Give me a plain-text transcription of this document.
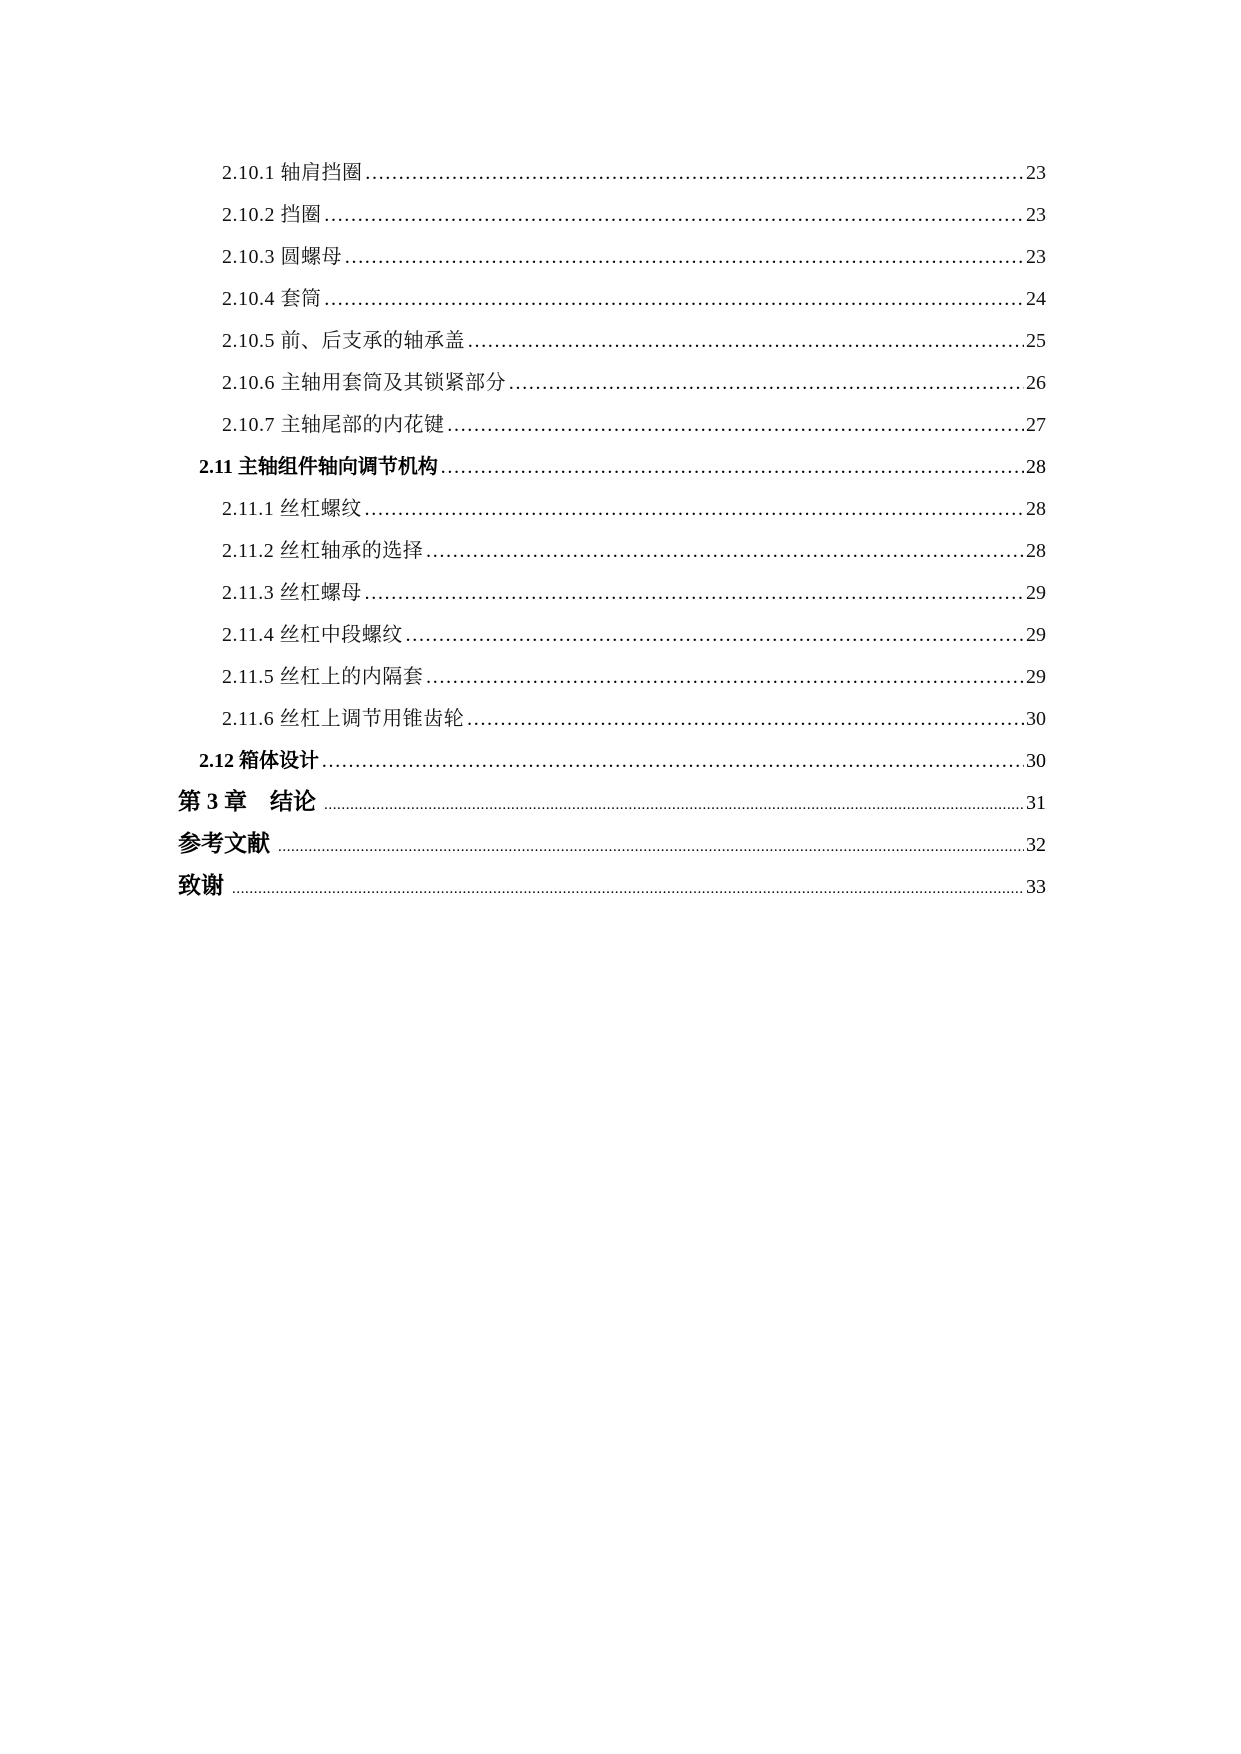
2.10.1 轴肩挡圈 …………………………………………………………………………………………………………………………………………………………………………………………………………………………	23
2.10.2 挡圈 …………………………………………………………………………………………………………………………………………………………………………………………………………………………	23
2.10.3 圆螺母 …………………………………………………………………………………………………………………………………………………………………………………………………………………………	23
2.10.4 套筒 …………………………………………………………………………………………………………………………………………………………………………………………………………………………	24
2.10.5 前、后支承的轴承盖 …………………………………………………………………………………………………………………………………………………………………………………………………………………………	25
2.10.6 主轴用套筒及其锁紧部分 …………………………………………………………………………………………………………………………………………………………………………………………………………………………	26
2.10.7 主轴尾部的内花键 …………………………………………………………………………………………………………………………………………………………………………………………………………………………	27
2.11 主轴组件轴向调节机构 …………………………………………………………………………………………………………………………………………………………………………………………………………………………	28
2.11.1 丝杠螺纹 …………………………………………………………………………………………………………………………………………………………………………………………………………………………	28
2.11.2 丝杠轴承的选择 …………………………………………………………………………………………………………………………………………………………………………………………………………………………	28
2.11.3 丝杠螺母 …………………………………………………………………………………………………………………………………………………………………………………………………………………………	29
2.11.4 丝杠中段螺纹 …………………………………………………………………………………………………………………………………………………………………………………………………………………………	29
2.11.5 丝杠上的内隔套 …………………………………………………………………………………………………………………………………………………………………………………………………………………………	29
2.11.6 丝杠上调节用锥齿轮 …………………………………………………………………………………………………………………………………………………………………………………………………………………………	30
2.12 箱体设计 …………………………………………………………………………………………………………………………………………………………………………………………………………………………	30
第 3 章　结论 .....	31
参考文献 .....	32
致谢 .....	33
